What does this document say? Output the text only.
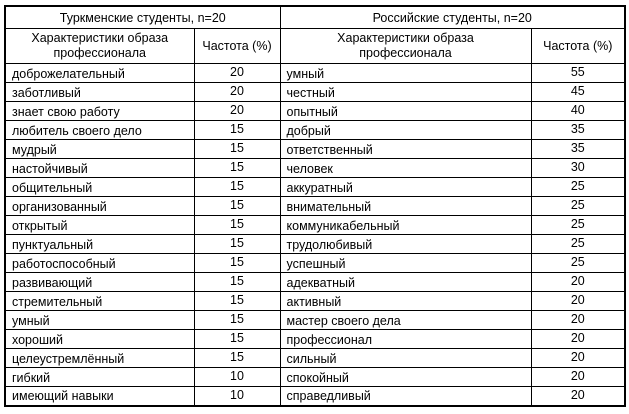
Туркменские студенты, n=20		Российские студенты, n=20	
Характеристики образа профессионала	Частота (%)	Характеристики образа профессионала	Частота (%)
доброжелательный	20	умный	55
заботливый	20	честный	45
знает свою работу	20	опытный	40
любитель своего дело	15	добрый	35
мудрый	15	ответственный	35
настойчивый	15	человек	30
общительный	15	аккуратный	25
организованный	15	внимательный	25
открытый	15	коммуникабельный	25
пунктуальный	15	трудолюбивый	25
работоспособный	15	успешный	25
развивающий	15	адекватный	20
стремительный	15	активный	20
умный	15	мастер своего дела	20
хороший	15	профессионал	20
целеустремлённый	15	сильный	20
гибкий	10	спокойный	20
имеющий навыки	10	справедливый	20
